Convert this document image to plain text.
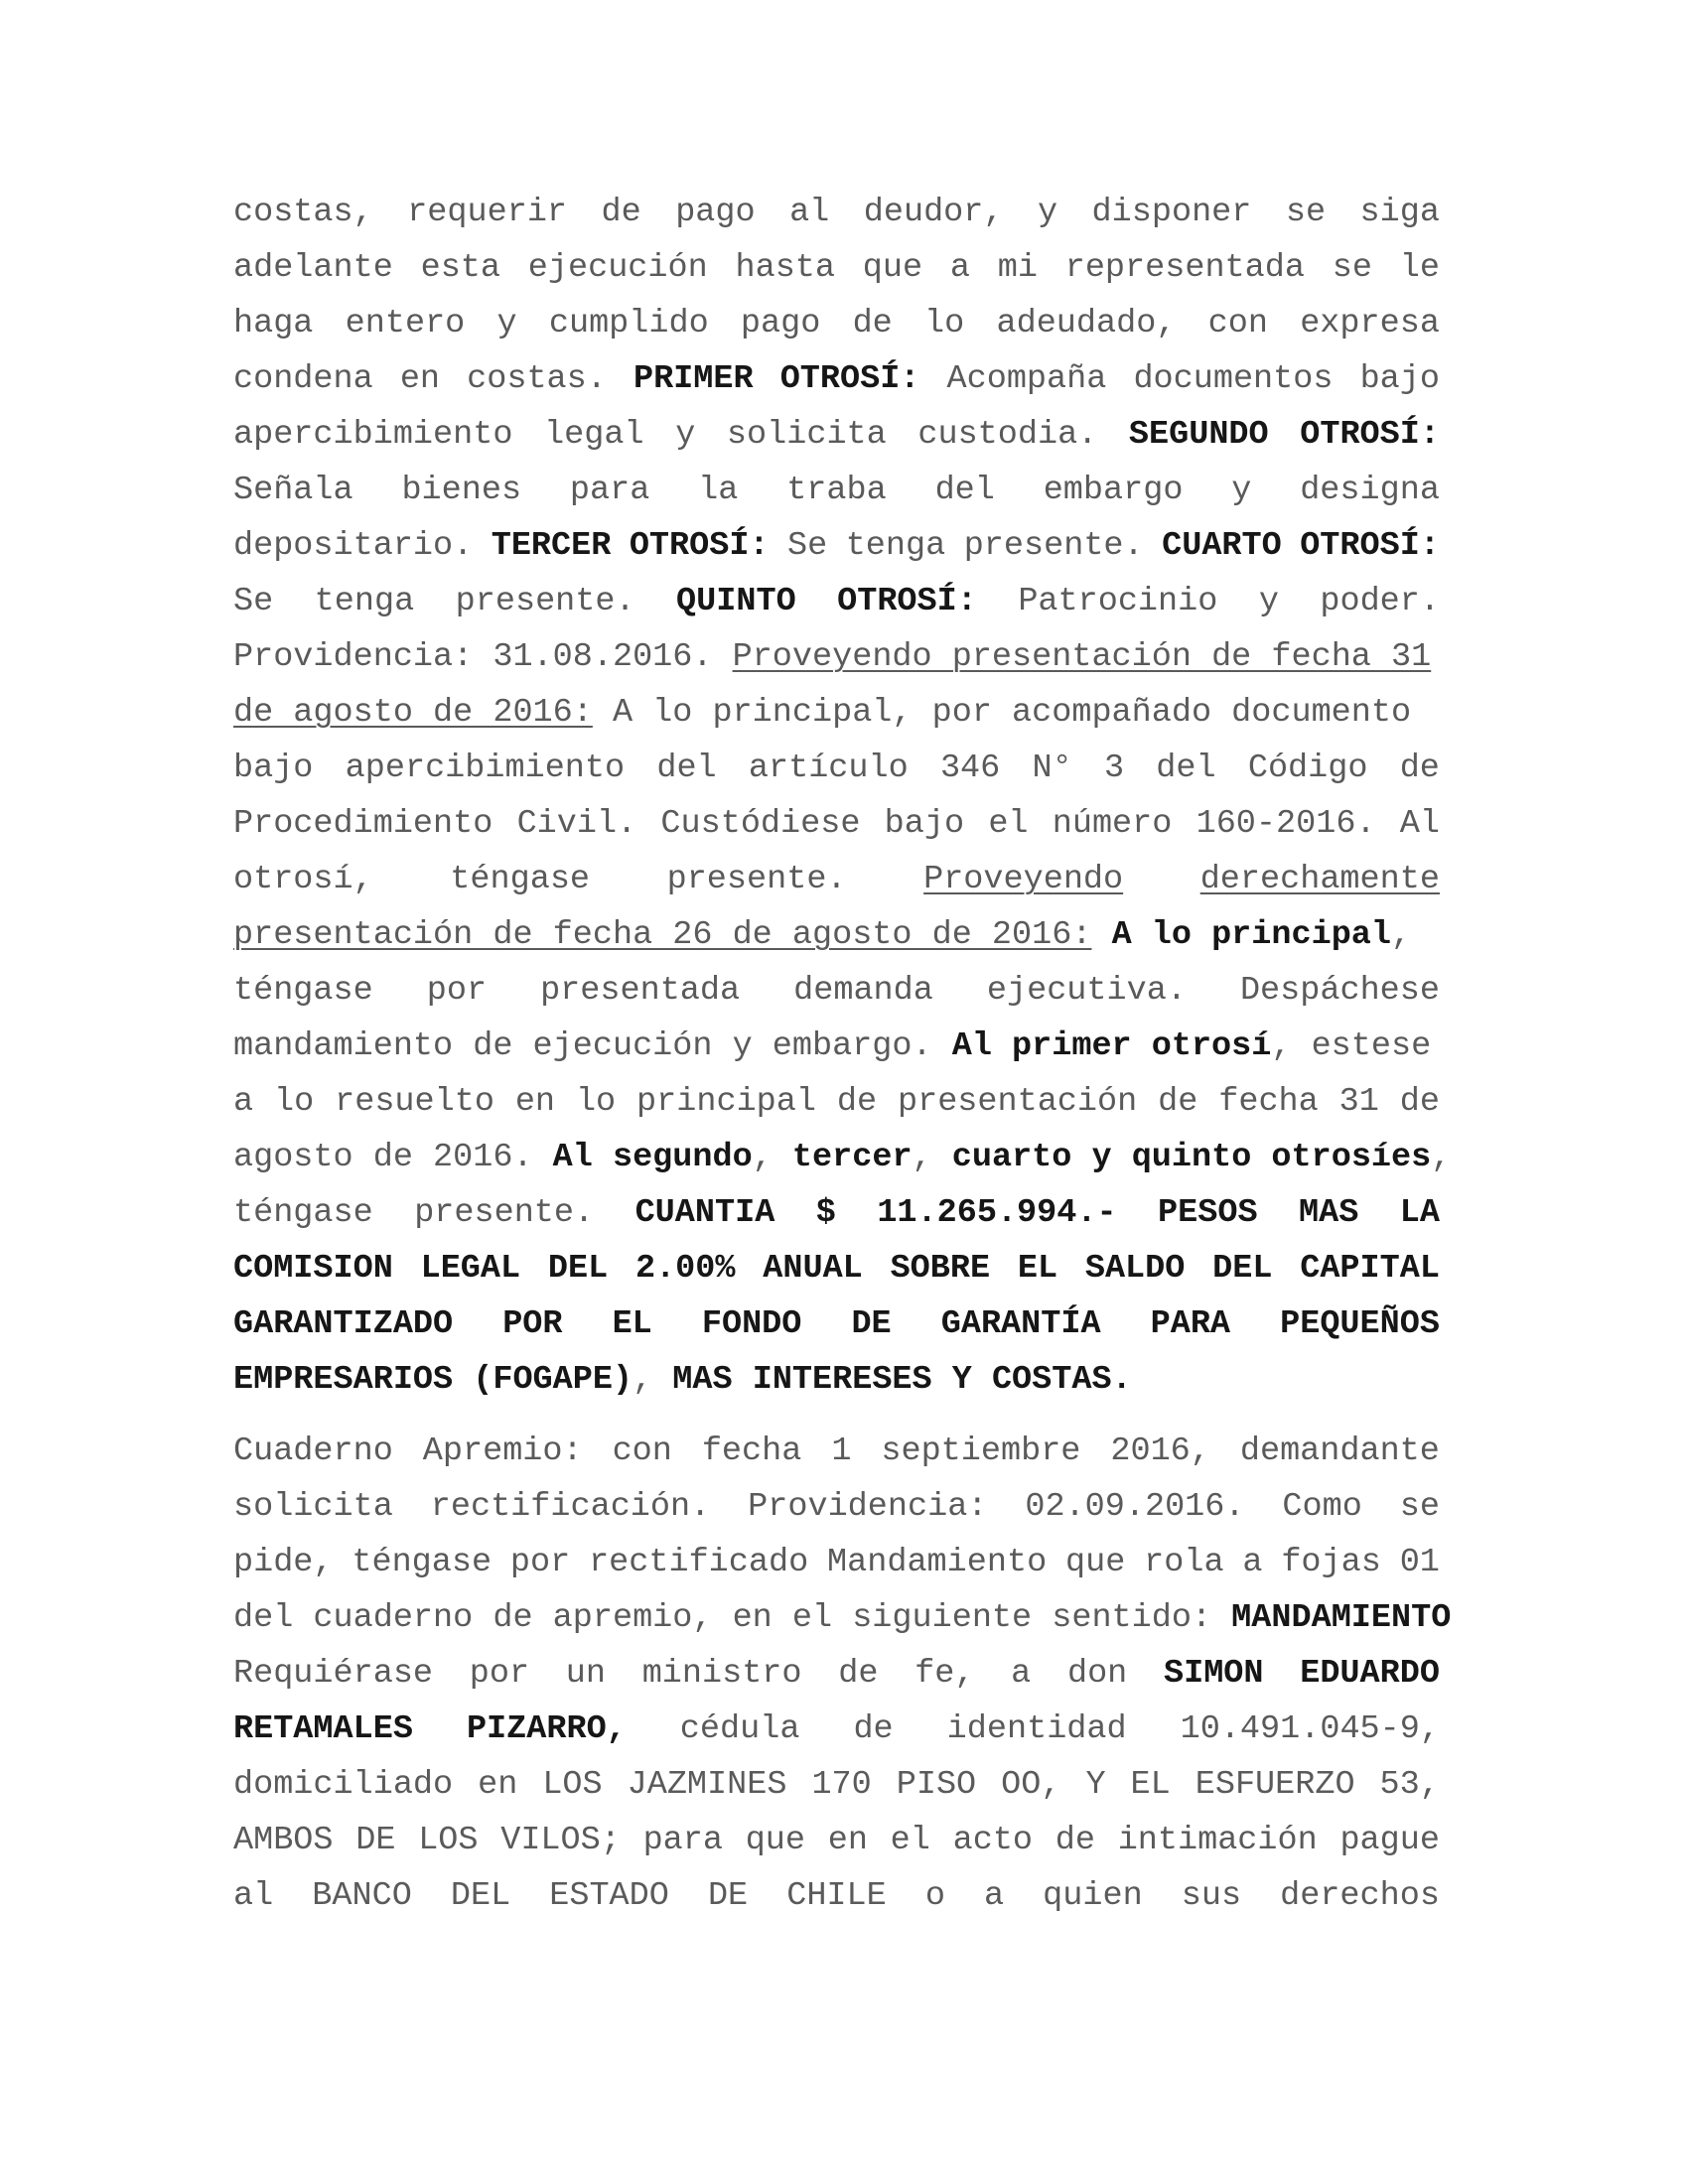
costas, requerir de pago al deudor, y disponer se siga
adelante esta ejecución hasta que a mi representada se le
haga entero y cumplido pago de lo adeudado, con expresa
condena en costas. PRIMER OTROSÍ: Acompaña documentos bajo
apercibimiento legal y solicita custodia. SEGUNDO OTROSÍ:
Señala bienes para la traba del embargo y designa
depositario. TERCER OTROSÍ: Se tenga presente. CUARTO OTROSÍ:
Se tenga presente. QUINTO OTROSÍ: Patrocinio y poder.
Providencia: 31.08.2016. Proveyendo presentación de fecha 31
de agosto de 2016: A lo principal, por acompañado documento
bajo apercibimiento del artículo 346 N° 3 del Código de
Procedimiento Civil. Custódiese bajo el número 160-2016. Al
otrosí, téngase presente. Proveyendo derechamente
presentación de fecha 26 de agosto de 2016:
A lo principal ,
téngase por presentada demanda ejecutiva. Despáchese
mandamiento de ejecución y embargo. Al primer otrosí , estese
a lo resuelto en lo principal de presentación de fecha 31 de
agosto de 2016. Al segundo , tercer , cuarto y quinto otrosíes ,
téngase presente. CUANTIA $ 11.265.994.- PESOS MAS LA
COMISION LEGAL DEL 2.00% ANUAL SOBRE EL SALDO DEL CAPITAL
GARANTIZADO POR EL FONDO DE GARANTÍA PARA PEQUEÑOS
EMPRESARIOS (FOGAPE) , MAS INTERESES Y COSTAS.
Cuaderno Apremio: con fecha 1 septiembre 2016, demandante
solicita rectificación. Providencia: 02.09.2016. Como se
pide, téngase por rectificado Mandamiento que rola a fojas 01
del cuaderno de apremio, en el siguiente sentido: MANDAMIENTO
Requiérase por un ministro de fe, a don SIMON EDUARDO
RETAMALES PIZARRO, cédula de identidad 10.491.045-9,
domiciliado en LOS JAZMINES 170 PISO OO, Y EL ESFUERZO 53,
AMBOS DE LOS VILOS; para que en el acto de intimación pague
al BANCO DEL ESTADO DE CHILE o a quien sus derechos
